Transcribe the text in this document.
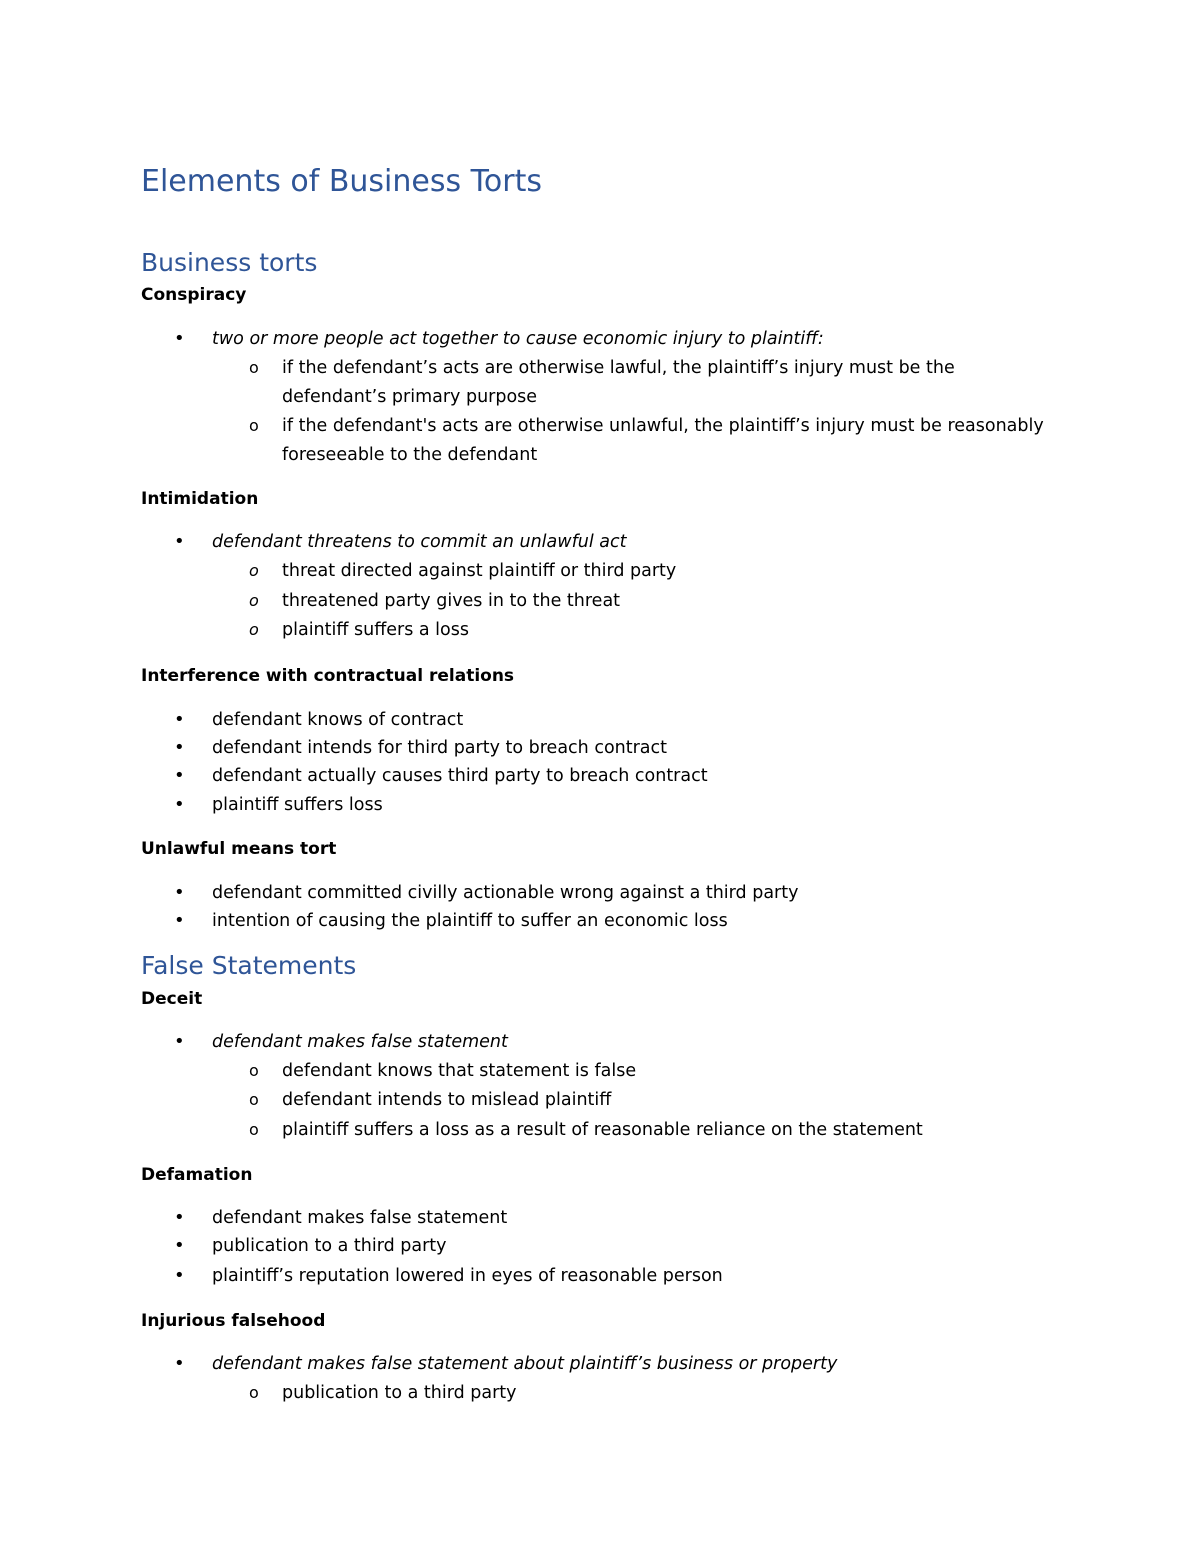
Elements of Business Torts
Business torts
Conspiracy
• two or more people act together to cause economic injury to plaintiff:
o if the defendant’s acts are otherwise lawful, the plaintiff’s injury must be the
defendant’s primary purpose
o if the defendant's acts are otherwise unlawful, the plaintiff’s injury must be reasonably
foreseeable to the defendant
Intimidation
• defendant threatens to commit an unlawful act
o threat directed against plaintiff or third party
o threatened party gives in to the threat
o plaintiff suffers a loss
Interference with contractual relations
• defendant knows of contract
• defendant intends for third party to breach contract
• defendant actually causes third party to breach contract
• plaintiff suffers loss
Unlawful means tort
• defendant committed civilly actionable wrong against a third party
• intention of causing the plaintiff to suffer an economic loss
False Statements
Deceit
• defendant makes false statement
o defendant knows that statement is false
o defendant intends to mislead plaintiff
o plaintiff suffers a loss as a result of reasonable reliance on the statement
Defamation
• defendant makes false statement
• publication to a third party
• plaintiff’s reputation lowered in eyes of reasonable person
Injurious falsehood
• defendant makes false statement about plaintiff’s business or property
o publication to a third party
